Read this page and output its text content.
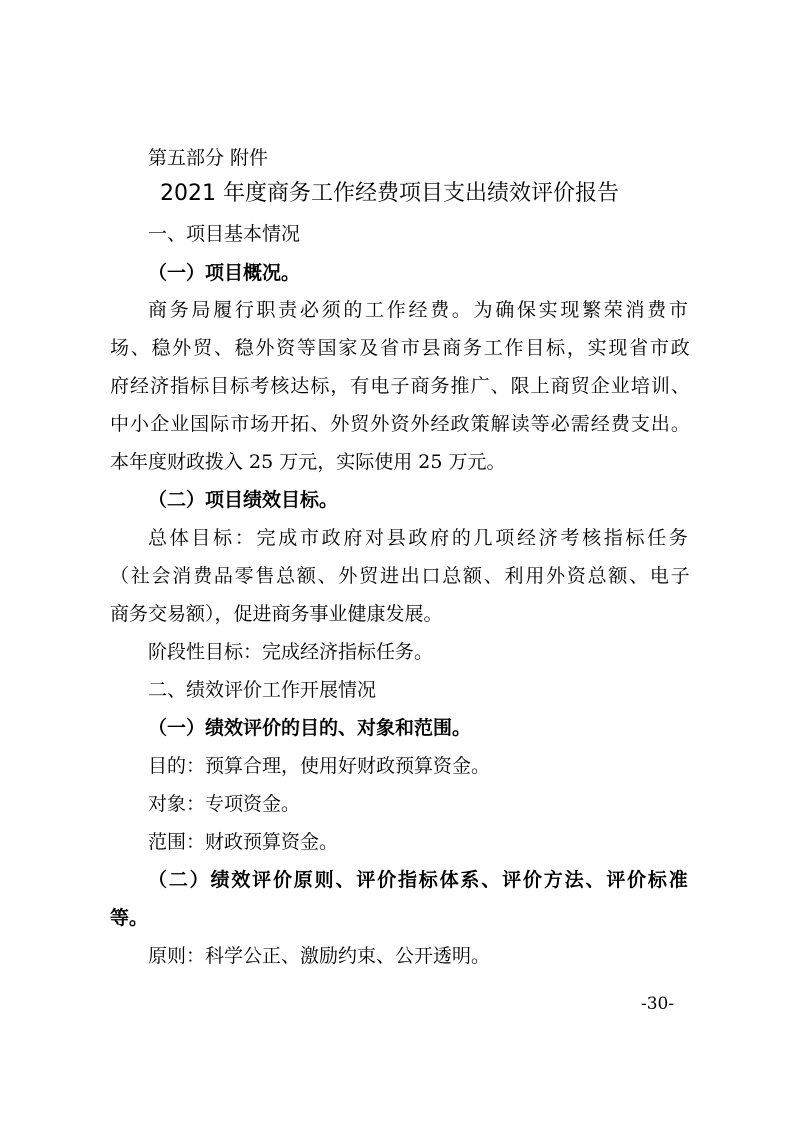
第五部分 附件
2021 年度商务工作经费项目支出绩效评价报告
一、项目基本情况
（一）项目概况。
商 务 局 履 行 职 责 必 须 的 工 作 经 费 。 为 确 保 实 现 繁 荣 消 费 市
场 、 稳 外 贸 、 稳 外 资 等 国 家 及 省 市 县 商 务 工 作 目 标 ， 实 现 省 市 政
府 经 济 指 标 目 标 考 核 达 标 ， 有 电 子 商 务 推 广 、 限 上 商 贸 企 业 培 训 、
中 小 企 业 国 际 市 场 开 拓 、 外 贸 外 资 外 经 政 策 解 读 等 必 需 经 费 支 出 。
本年度财政拨入 25 万元，实际使用 25 万元。
（二）项目绩效目标。
总 体 目 标 ： 完 成 市 政 府 对 县 政 府 的 几 项 经 济 考 核 指 标 任 务
（ 社 会 消 费 品 零 售 总 额 、 外 贸 进 出 口 总 额 、 利 用 外 资 总 额 、 电 子
商务交易额），促进商务事业健康发展。
阶段性目标：完成经济指标任务。
二、绩效评价工作开展情况
（一）绩效评价的目的、对象和范围。
目的：预算合理，使用好财政预算资金。
对象：专项资金。
范围：财政预算资金。
（ 二 ） 绩 效 评 价 原 则 、 评 价 指 标 体 系 、 评 价 方 法 、 评 价 标 准
等。
原则：科学公正、激励约束、公开透明。
-30-
